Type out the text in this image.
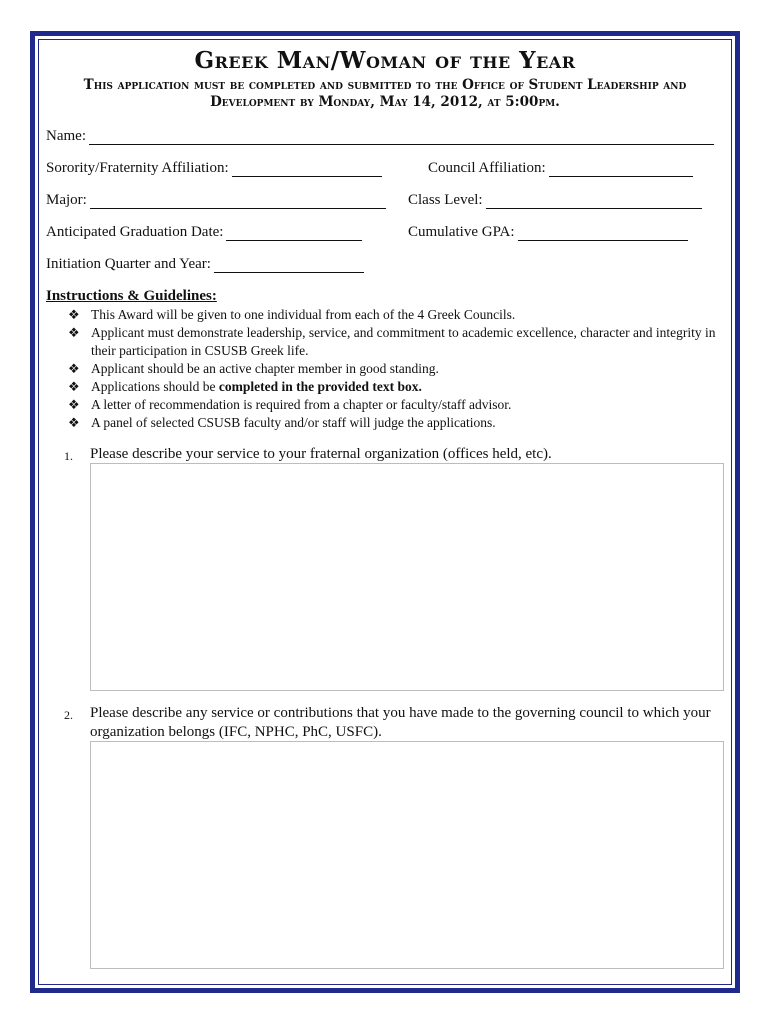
Greek Man/Woman of the Year

This application must be completed and submitted to the Office of Student Leadership and Development by Monday, May 14, 2012, at 5:00pm.

Name:
Sorority/Fraternity Affiliation:	Council Affiliation:
Major:	Class Level:
Anticipated Graduation Date:	Cumulative GPA:
Initiation Quarter and Year:
Instructions & Guidelines:
❖ This Award will be given to one individual from each of the 4 Greek Councils.
❖ Applicant must demonstrate leadership, service, and commitment to academic excellence, character and integrity in their participation in CSUSB Greek life.
❖ Applicant should be an active chapter member in good standing.
❖ Applications should be completed in the provided text box.
❖ A letter of recommendation is required from a chapter or faculty/staff advisor.
❖ A panel of selected CSUSB faculty and/or staff will judge the applications.
1.	Please describe your service to your fraternal organization (offices held, etc).
2.	Please describe any service or contributions that you have made to the governing council to which your organization belongs (IFC, NPHC, PhC, USFC).
